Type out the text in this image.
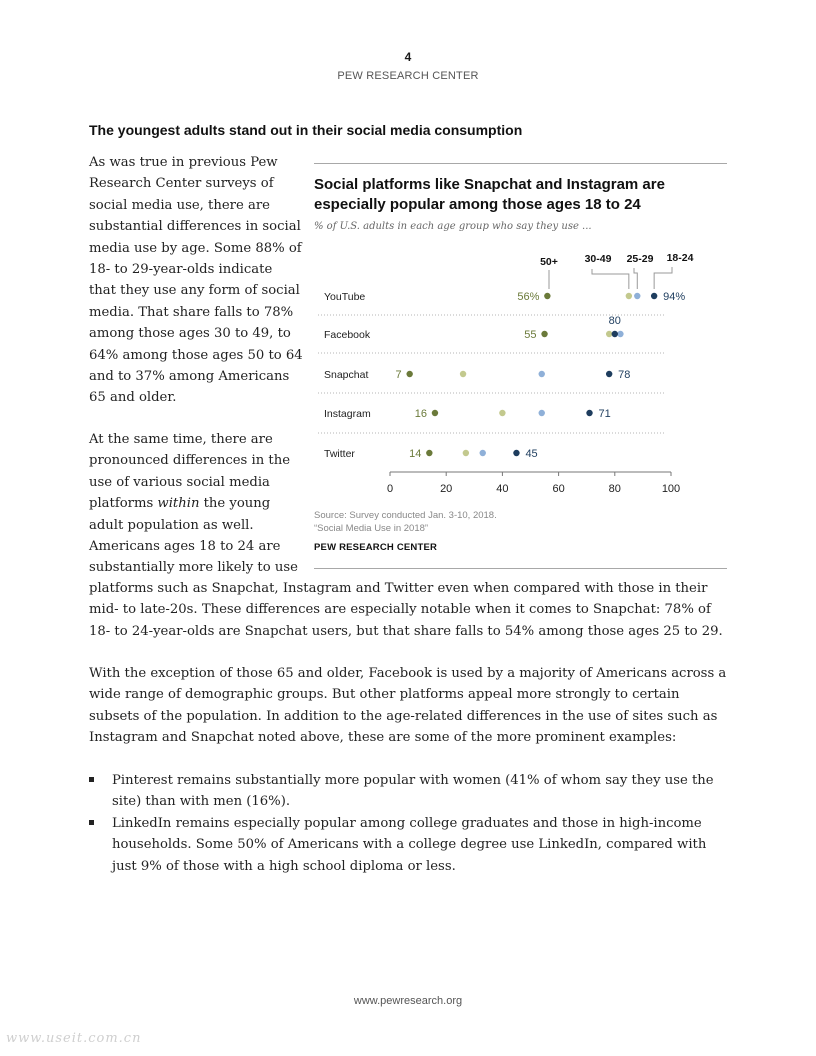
4
PEW RESEARCH CENTER
The youngest adults stand out in their social media consumption

As was true in previous Pew Research Center surveys of social media use, there are substantial differences in social media use by age. Some 88% of 18- to 29-year-olds indicate that they use any form of social media. That share falls to 78% among those ages 30 to 49, to 64% among those ages 50 to 64 and to 37% among Americans 65 and older.

At the same time, there are pronounced differences in the use of various social media platforms within the young adult population as well. Americans ages 18 to 24 are substantially more likely to use

platforms such as Snapchat, Instagram and Twitter even when compared with those in their mid- to late-20s. These differences are especially notable when it comes to Snapchat: 78% of 18- to 24-year-olds are Snapchat users, but that share falls to 54% among those ages 25 to 29.

With the exception of those 65 and older, Facebook is used by a majority of Americans across a wide range of demographic groups. But other platforms appeal more strongly to certain subsets of the population. In addition to the age-related differences in the use of sites such as Instagram and Snapchat noted above, these are some of the more prominent examples:

Pinterest remains substantially more popular with women (41% of whom say they use the site) than with men (16%).
LinkedIn remains especially popular among college graduates and those in high-income households. Some 50% of Americans with a college degree use LinkedIn, compared with just 9% of those with a high school diploma or less.
Social platforms like Snapchat and Instagram are especially popular among those ages 18 to 24
% of U.S. adults in each age group who say they use ...
YouTube
Facebook
Snapchat
Instagram
Twitter
50+	30-49 25-29 18-24
56%	94%
55
80
7	78
16	71
14	45
0	20	40	60	80	100
Source: Survey conducted Jan. 3-10, 2018.
“Social Media Use in 2018”
PEW RESEARCH CENTER
www.pewresearch.org
www.useit.com.cn
